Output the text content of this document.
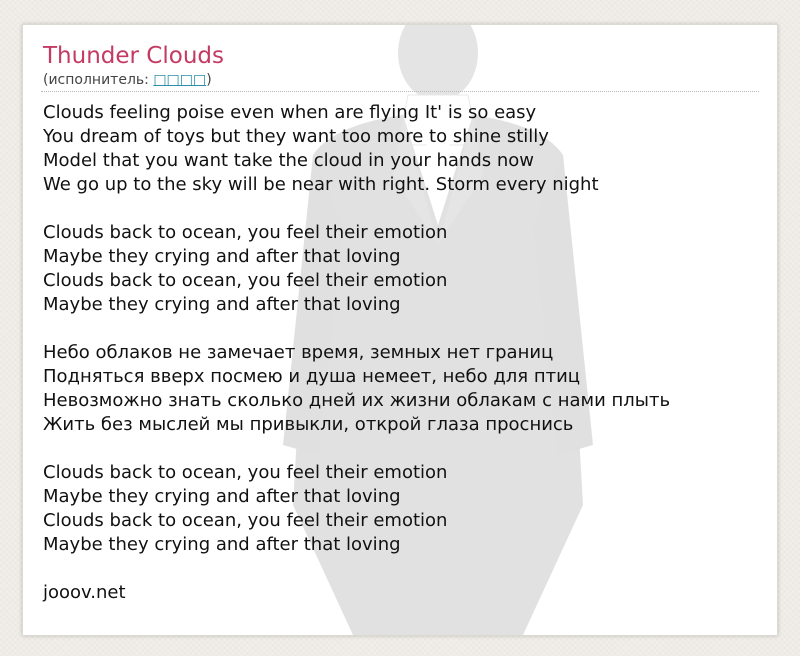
Thunder Clouds
(исполнитель: □□□□)
Clouds feeling poise even when are flying It' is so easy
You dream of toys but they want too more to shine stilly
Model that you want take the cloud in your hands now
We go up to the sky will be near with right. Storm every night
Clouds back to ocean, you feel their emotion
Maybe they crying and after that loving
Clouds back to ocean, you feel their emotion
Maybe they crying and after that loving
Небо облаков не замечает время, земных нет границ
Подняться вверх посмею и душа немеет, небо для птиц
Невозможно знать сколько дней их жизни облакам с нами плыть
Жить без мыслей мы привыкли, открой глаза проснись
Clouds back to ocean, you feel their emotion
Maybe they crying and after that loving
Clouds back to ocean, you feel their emotion
Maybe they crying and after that loving
jooov.net
